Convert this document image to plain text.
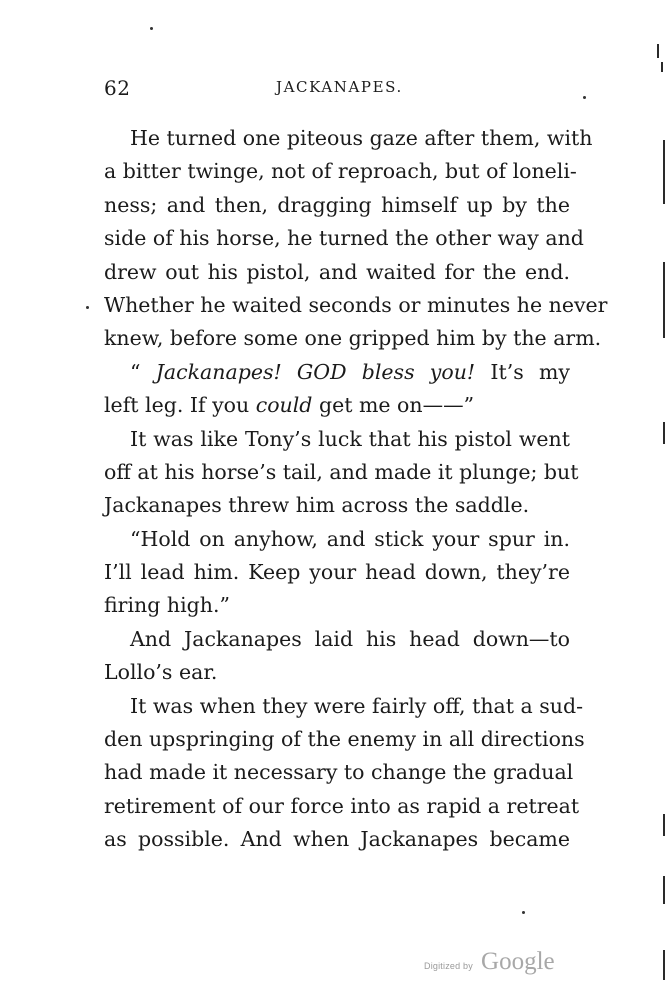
62	JACKANAPES.
He turned one piteous gaze after them, with
a bitter twinge, not of reproach, but of loneli-
ness; and then, dragging himself up by the
side of his horse, he turned the other way and
drew out his pistol, and waited for the end.
Whether he waited seconds or minutes he never
knew, before some one gripped him by the arm.
“ Jackanapes! GOD bless you! It’s my
left leg. If you could get me on——”
It was like Tony’s luck that his pistol went
off at his horse’s tail, and made it plunge; but
Jackanapes threw him across the saddle.
“Hold on anyhow, and stick your spur in.
I’ll lead him. Keep your head down, they’re
firing high.”
And Jackanapes laid his head down—to
Lollo’s ear.
It was when they were fairly off, that a sud-
den upspringing of the enemy in all directions
had made it necessary to change the gradual
retirement of our force into as rapid a retreat
as possible. And when Jackanapes became
Digitized by Google
